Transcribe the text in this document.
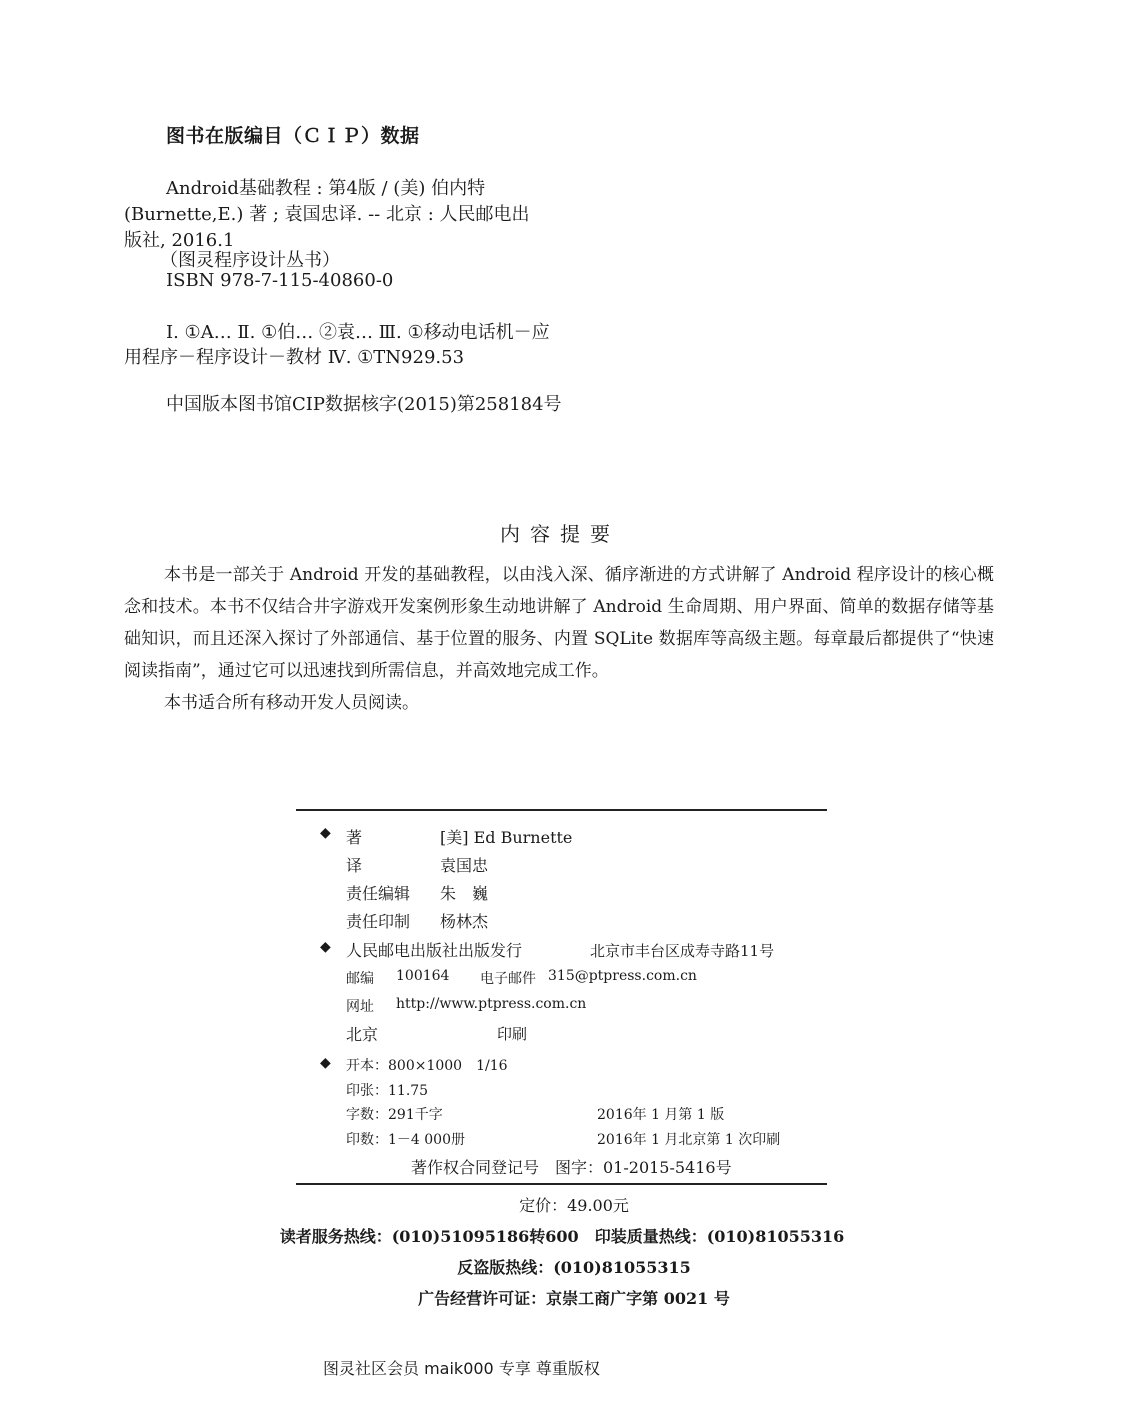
图书在版编目（ＣＩＰ）数据
Android基础教程 : 第4版 / (美) 伯内特
(Burnette,E.) 著 ; 袁国忠译. -- 北京 : 人民邮电出
版社, 2016.1
（图灵程序设计丛书）
ISBN 978-7-115-40860-0
Ⅰ. ①A… Ⅱ. ①伯… ②袁… Ⅲ. ①移动电话机－应
用程序－程序设计－教材 Ⅳ. ①TN929.53
中国版本图书馆CIP数据核字(2015)第258184号
内容提要

本书是一部关于 Android 开发的基础教程，以由浅入深、循序渐进的方式讲解了 Android 程序设计的核心概念和技术。本书不仅结合井字游戏开发案例形象生动地讲解了 Android 生命周期、用户界面、简单的数据存储等基础知识，而且还深入探讨了外部通信、基于位置的服务、内置 SQLite 数据库等高级主题。每章最后都提供了“快速阅读指南”，通过它可以迅速找到所需信息，并高效地完成工作。

本书适合所有移动开发人员阅读。

◆ 著	[美] Ed Burnette
译	袁国忠
责任编辑 朱　巍
责任印制 杨林杰
◆ 人民邮电出版社出版发行	北京市丰台区成寿寺路11号
邮编 100164 电子邮件 315@ptpress.com.cn
网址 http://www.ptpress.com.cn
北京	印刷
◆ 开本：800×1000　1/16
印张：11.75
字数：291千字	2016年 1 月第 1 版
印数：1－4 000册	2016年 1 月北京第 1 次印刷
著作权合同登记号　图字：01-2015-5416号
定价：49.00元
读者服务热线：(010)51095186转600　印装质量热线：(010)81055316
反盗版热线：(010)81055315
广告经营许可证：京崇工商广字第 0021 号
图灵社区会员 maik000 专享 尊重版权
